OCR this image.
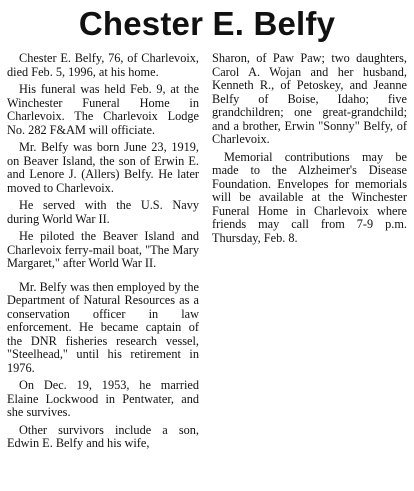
Chester E. Belfy

Chester E. Belfy, 76, of Charlevoix, died Feb. 5, 1996, at his home.

His funeral was held Feb. 9, at the Winchester Funeral Home in Charlevoix. The Charlevoix Lodge No. 282 F&AM will officiate.

Mr. Belfy was born June 23, 1919, on Beaver Island, the son of Erwin E. and Lenore J. (Allers) Belfy. He later moved to Charlevoix.

He served with the U.S. Navy during World War II.

He piloted the Beaver Island and Charlevoix ferry-mail boat, "The Mary Margaret," after World War II.

Mr. Belfy was then employed by the Department of Natural Resources as a conservation officer in law enforcement. He became captain of the DNR fisheries research vessel, "Steelhead," until his retirement in 1976.

On Dec. 19, 1953, he married Elaine Lockwood in Pentwater, and she survives.

Other survivors include a son, Edwin E. Belfy and his wife,

Sharon, of Paw Paw; two daughters, Carol A. Wojan and her husband, Kenneth R., of Petoskey, and Jeanne Belfy of Boise, Idaho; five grandchildren; one great-grandchild; and a brother, Erwin "Sonny" Belfy, of Charlevoix.

Memorial contributions may be made to the Alzheimer's Disease Foundation. Envelopes for memorials will be available at the Winchester Funeral Home in Charlevoix where friends may call from 7-9 p.m. Thursday, Feb. 8.
